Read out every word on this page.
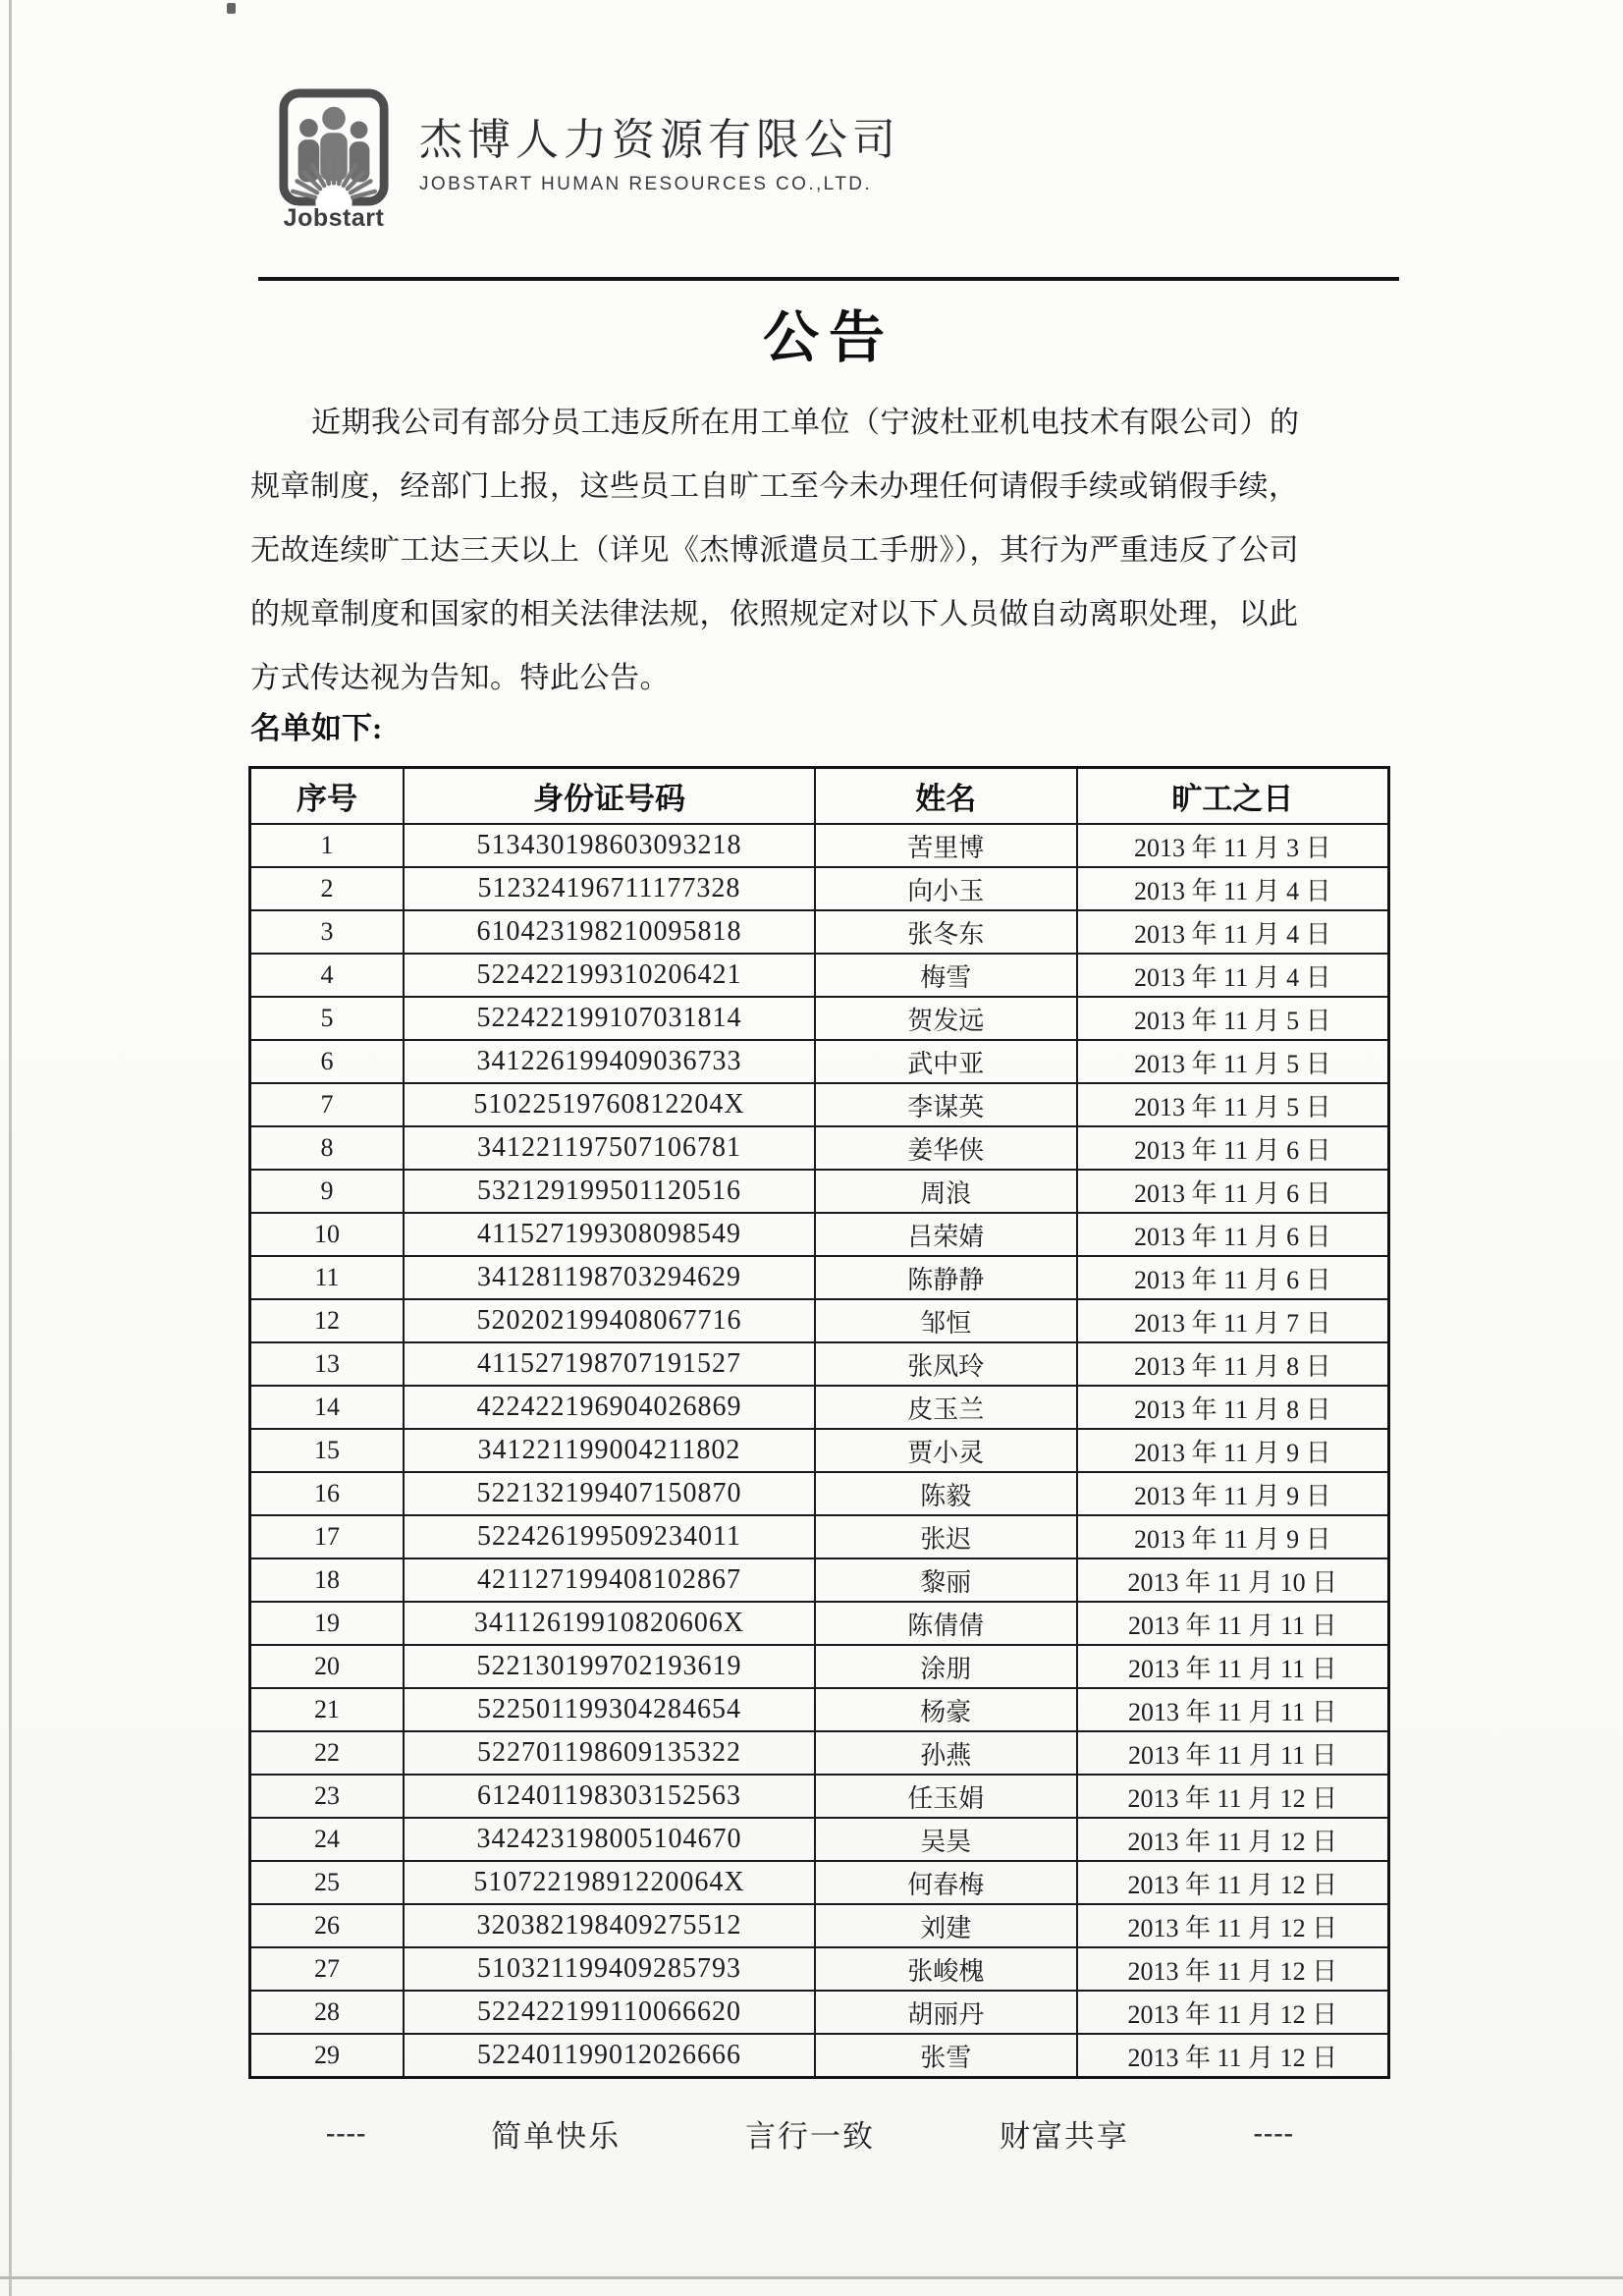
Jobstart
杰博人力资源有限公司
JOBSTART HUMAN RESOURCES CO.,LTD.
公告
近期我公司有部分员工违反所在用工单位（宁波杜亚机电技术有限公司）的
规章制度，经部门上报，这些员工自旷工至今未办理任何请假手续或销假手续，
无故连续旷工达三天以上（详见《杰博派遣员工手册》），其行为严重违反了公司
的规章制度和国家的相关法律法规，依照规定对以下人员做自动离职处理，以此
方式传达视为告知。特此公告。
名单如下:
序号	身份证号码	姓名	旷工之日
1	513430198603093218	苦里博	2013 年 11 月 3 日
2	512324196711177328	向小玉	2013 年 11 月 4 日
3	610423198210095818	张冬东	2013 年 11 月 4 日
4	522422199310206421	梅雪	2013 年 11 月 4 日
5	522422199107031814	贺发远	2013 年 11 月 5 日
6	341226199409036733	武中亚	2013 年 11 月 5 日
7	51022519760812204X	李谋英	2013 年 11 月 5 日
8	341221197507106781	姜华侠	2013 年 11 月 6 日
9	532129199501120516	周浪	2013 年 11 月 6 日
10	411527199308098549	吕荣婧	2013 年 11 月 6 日
11	341281198703294629	陈静静	2013 年 11 月 6 日
12	520202199408067716	邹恒	2013 年 11 月 7 日
13	411527198707191527	张凤玲	2013 年 11 月 8 日
14	422422196904026869	皮玉兰	2013 年 11 月 8 日
15	341221199004211802	贾小灵	2013 年 11 月 9 日
16	522132199407150870	陈毅	2013 年 11 月 9 日
17	522426199509234011	张迟	2013 年 11 月 9 日
18	421127199408102867	黎丽	2013 年 11 月 10 日
19	34112619910820606X	陈倩倩	2013 年 11 月 11 日
20	522130199702193619	涂朋	2013 年 11 月 11 日
21	522501199304284654	杨豪	2013 年 11 月 11 日
22	522701198609135322	孙燕	2013 年 11 月 11 日
23	612401198303152563	任玉娟	2013 年 11 月 12 日
24	342423198005104670	吴昊	2013 年 11 月 12 日
25	51072219891220064X	何春梅	2013 年 11 月 12 日
26	320382198409275512	刘建	2013 年 11 月 12 日
27	510321199409285793	张峻槐	2013 年 11 月 12 日
28	522422199110066620	胡丽丹	2013 年 11 月 12 日
29	522401199012026666	张雪	2013 年 11 月 12 日
----	简单快乐	言行一致	财富共享	----
